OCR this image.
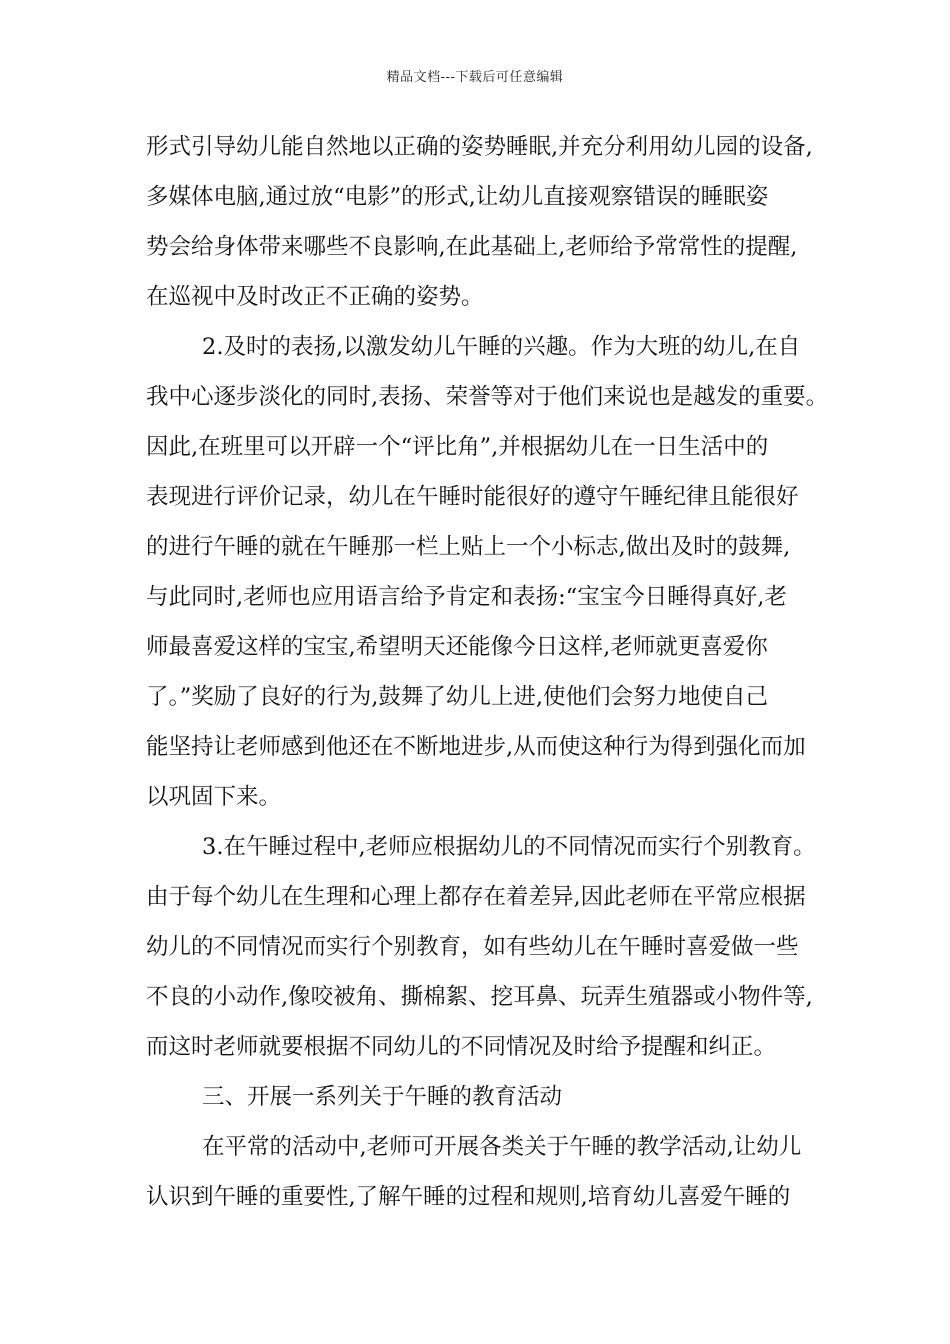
精品文档---下载后可任意编辑
形式引导幼儿能自然地以正确的姿势睡眠,并充分利用幼儿园的设备,
多媒体电脑,通过放“电影”的形式,让幼儿直接观察错误的睡眠姿
势会给身体带来哪些不良影响,在此基础上,老师给予常常性的提醒,
在巡视中及时改正不正确的姿势。
2.及时的表扬,以激发幼儿午睡的兴趣。作为大班的幼儿,在自
我中心逐步淡化的同时,表扬、荣誉等对于他们来说也是越发的重要。
因此,在班里可以开辟一个“评比角”,并根据幼儿在一日生活中的
表现进行评价记录，幼儿在午睡时能很好的遵守午睡纪律且能很好
的进行午睡的就在午睡那一栏上贴上一个小标志,做出及时的鼓舞,
与此同时,老师也应用语言给予肯定和表扬:“宝宝今日睡得真好,老
师最喜爱这样的宝宝,希望明天还能像今日这样,老师就更喜爱你
了。”奖励了良好的行为,鼓舞了幼儿上进,使他们会努力地使自己
能坚持让老师感到他还在不断地进步,从而使这种行为得到强化而加
以巩固下来。
3.在午睡过程中,老师应根据幼儿的不同情况而实行个别教育。
由于每个幼儿在生理和心理上都存在着差异,因此老师在平常应根据
幼儿的不同情况而实行个别教育，如有些幼儿在午睡时喜爱做一些
不良的小动作,像咬被角、撕棉絮、挖耳鼻、玩弄生殖器或小物件等,
而这时老师就要根据不同幼儿的不同情况及时给予提醒和纠正。
三、开展一系列关于午睡的教育活动
在平常的活动中,老师可开展各类关于午睡的教学活动,让幼儿
认识到午睡的重要性,了解午睡的过程和规则,培育幼儿喜爱午睡的
